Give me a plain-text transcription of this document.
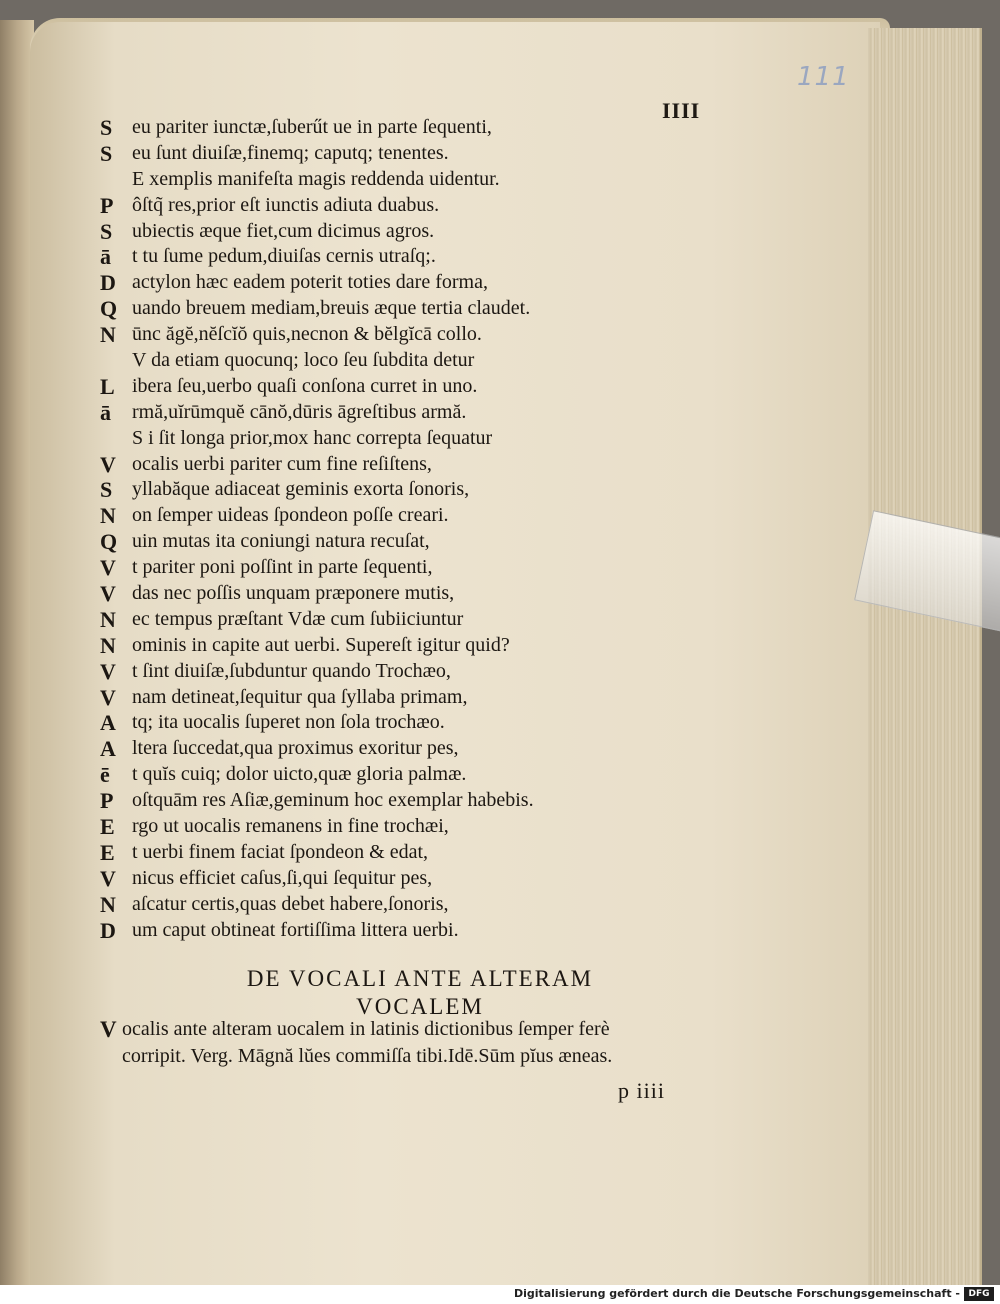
111
IIII
S eu pariter iunctæ,ſuberűt ue in parte ſequenti,
S eu ſunt diuiſæ,finemq; caputq; tenentes.
E xemplis manifeſta magis reddenda uidentur.
P ôſtq̃ res,prior eſt iunctis adiuta duabus.
S ubiectis æque fiet,cum dicimus agros.
ā	t tu ſume pedum,diuiſas cernis utraſq;.
D actylon hæc eadem poterit toties dare forma,
Q uando breuem mediam,breuis æque tertia claudet.
N ūnc ăgĕ,nĕſcĭŏ quis,necnon & bĕlgĭcā collo.
V da etiam quocunq; loco ſeu ſubdita detur
L ibera ſeu,uerbo quaſi conſona curret in uno.
ā	rmă,uĭrūmquĕ cānŏ,dūris āgreſtibus armă.
S i ſit longa prior,mox hanc correpta ſequatur
V ocalis uerbi pariter cum fine reſiſtens,
S yllabăque adiaceat geminis exorta ſonoris,
N on ſemper uideas ſpondeon poſſe creari.
Q uin mutas ita coniungi natura recuſat,
V t pariter poni poſſint in parte ſequenti,
V das nec poſſis unquam præponere mutis,
N ec tempus præſtant Vdæ cum ſubiiciuntur
N ominis in capite aut uerbi. Supereſt igitur quid?
V t ſint diuiſæ,ſubduntur quando Trochæo,
V nam detineat,ſequitur qua ſyllaba primam,
A tq; ita uocalis ſuperet non ſola trochæo.
A ltera ſuccedat,qua proximus exoritur pes,
ē	t quĭs cuiq; dolor uicto,quæ gloria palmæ.
P oſtquām res Aſiæ,geminum hoc exemplar habebis.
E rgo ut uocalis remanens in fine trochæi,
E t uerbi finem faciat ſpondeon & edat,
V nicus efficiet caſus,ſi,qui ſequitur pes,
N aſcatur certis,quas debet habere,ſonoris,
D um caput obtineat fortiſſima littera uerbi.
DE VOCALI ANTE ALTERAM
VOCALEM
V ocalis ante alteram uocalem in latinis dictionibus ſemper ferè
corripit. Verg. Māgnă lŭes commiſſa tibi.Idē.Sūm pĭus æneas.
p iiii
Digitalisierung gefördert durch die Deutsche Forschungsgemeinschaft - DFG
